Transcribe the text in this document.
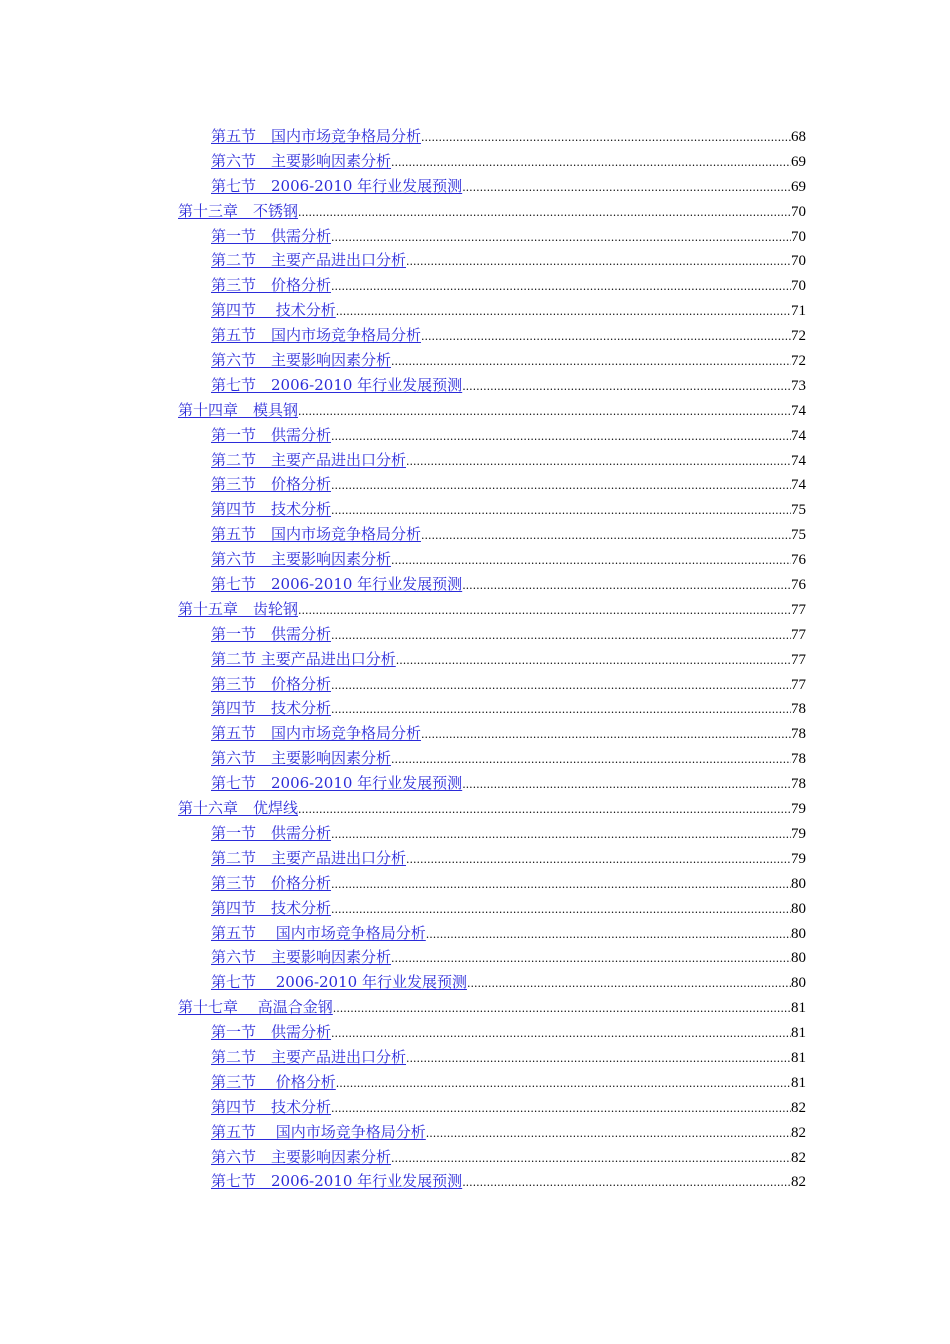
第五节　国内市场竞争格局分析 .....	68
第六节　主要影响因素分析 .....	69
第七节　2006-2010 年行业发展预测 .....	69
第十三章　不锈钢 .....	70
第一节　供需分析 .....	70
第二节　主要产品进出口分析 .....	70
第三节　价格分析 .....	70
第四节　 技术分析 .....	71
第五节　国内市场竞争格局分析 .....	72
第六节　主要影响因素分析 .....	72
第七节　2006-2010 年行业发展预测 .....	73
第十四章　模具钢 .....	74
第一节　供需分析 .....	74
第二节　主要产品进出口分析 .....	74
第三节　价格分析 .....	74
第四节　技术分析 .....	75
第五节　国内市场竞争格局分析 .....	75
第六节　主要影响因素分析 .....	76
第七节　2006-2010 年行业发展预测 .....	76
第十五章　齿轮钢 .....	77
第一节　供需分析 .....	77
第二节 主要产品进出口分析 .....	77
第三节　价格分析 .....	77
第四节　技术分析 .....	78
第五节　国内市场竞争格局分析 .....	78
第六节　主要影响因素分析 .....	78
第七节　2006-2010 年行业发展预测 .....	78
第十六章　优焊线 .....	79
第一节　供需分析 .....	79
第二节　主要产品进出口分析 .....	79
第三节　价格分析 .....	80
第四节　技术分析 .....	80
第五节　 国内市场竞争格局分析 .....	80
第六节　主要影响因素分析 .....	80
第七节　 2006-2010 年行业发展预测 .....	80
第十七章　 高温合金钢 .....	81
第一节　供需分析 .....	81
第二节　主要产品进出口分析 .....	81
第三节　 价格分析 .....	81
第四节　技术分析 .....	82
第五节　 国内市场竞争格局分析 .....	82
第六节　主要影响因素分析 .....	82
第七节　2006-2010 年行业发展预测 .....	82
